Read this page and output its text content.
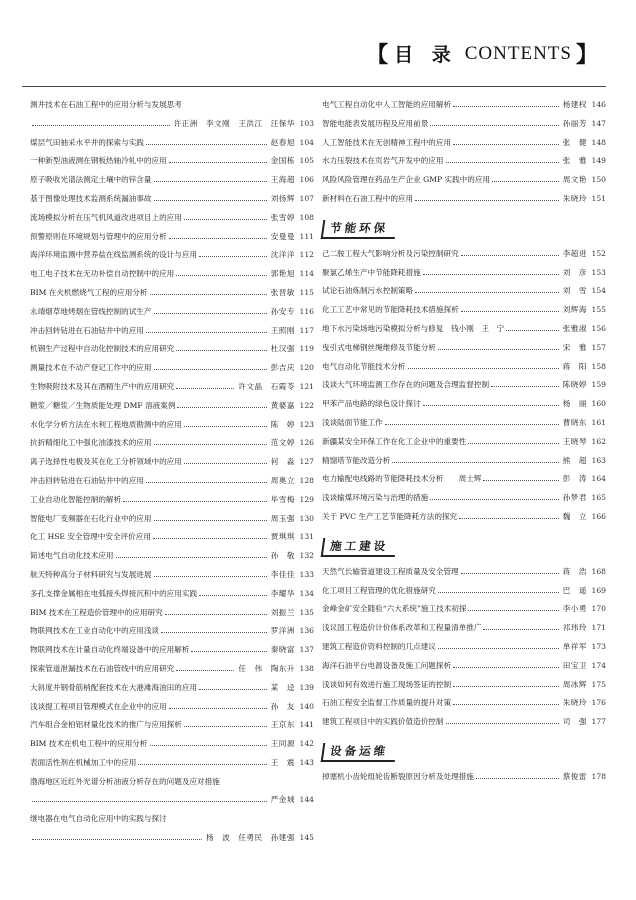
【 目 录 CONTENTS 】
测井技术在石油工程中的应用分析与发展思考
许正洲　李文刚　王洪江　汪保华 103
煤层气田抽采水平井的探索与实践	赵春旭 104
一种新型油液测在钢板热轴冷轧中的应用	金国栋 105
原子吸收光谱法测定土壤中的锌含量	王海超 106
基于图像处理技术监测系统漏油事故	刘扬辉 107
流场模拟分析在压气机风道改进项目上的应用	张雪婷 108
预警原则在环境规划与管理中的应用分析	安曼曼 111
海洋环境监测中营养盐在线监测系统的设计与应用	沈洋洋 112
电工电子技术在无功补偿自动控制中的应用	郭艳旭 114
BIM 在火机燃烧气工程的应用分析	张晋敏 115
永靖烟草地烤烟在管线控制的试生产	孙安专 116
冲击回转钻进在石油钻井中的应用	王照刚 117
机钢生产过程中自动化控制技术的应用研究	杜汉强 119
测量技术在不动产登记工作中的应用	彭吉庆 120
生物吸附技术及其在酒精生产中的应用研究	许文晶　石霞苓 121
糖浆／糖浆／生物质能处理 DMF 溶液案例	黄婆嘉 122
水化学分析方法在水利工程地质勘测中的应用	陈　婷 123
抗折精细化工中强化油漆技术的应用	范文婷 126
离子选择性电极及其在化工分析领域中的应用	何　淼 127
冲击回转钻进在石油钻井中的应用	周奥立 128
工业自动化智能控制的解析	毕雪梅 129
智能电厂变频器在石化行业中的应用	周玉强 130
化工 HSE 安全管理中安全评价应用	贾琪琪 131
简述电气自动化技术应用	孙　敬 132
航天特种高分子材料研究与发展进展	李佳佳 133
多孔支撑金属相在电弧接头焊接沉积中的应用实践	李耀华 134
BIM 技术在工程造价管理中的应用研究	刘振兰 135
物联网技术在工业自动化中的应用浅谈	罗洋洲 136
物联网技术在计量自动化终端设备中的应用解析	秦晓富 137
探索管道泄漏技术在石油管线中的应用研究	任　伟　陶东升 138
大斜度井钢骨筋梢配套技术在大港滩海油田的应用	某　迳 139
浅谈提工程项目管理模式在企业中的应用	孙　友 140
汽车组合金柏铝材量化技术的推广与应用探析	王京东 141
BIM 技术在机电工程中的应用分析	王同源 142
表面活性剂在机械加工中的应用	王　震 143
渤海地区近红外光谱分析油液分析存在的问题及应对措施
严金城 144
继电器在电气自动化应用中的实践与探讨
杨　波　任勇民　孙建强 145
电气工程自动化中人工智能的应用解析	杨建权 146
智能电能表发展历程及应用前景	孙丽芳 147
人工智能技术在无创精神工程中的应用	张　健 148
水力压裂技术在页岩气开发中的应用	张　雅 149
风险风险管理在药品生产企业 GMP 实践中的应用	周文艳 150
新材料在石油工程中的应用	朱晓玲 151
节能环保
己二胺工程大气影响分析及污染控制研究	李超进 152
聚氯乙烯生产中节能降耗措施	刘　彦 153
试论石油炼制污水控制策略	刘　雪 154
化工工艺中常见的节能降耗技术措施探析	刘辉海 155
地下水污染场地污染模拟分析与修复　钱小刚　王　宁	张雅淑 156
曳引式电梯钢丝绳维修及节能分析	宋　雅 157
电气自动化节能技术分析	蒋　阳 158
浅谈大气环境监测工作存在的问题及合理监督控制	陈晓婷 159
甲苯产品电路的绿色设计探讨	杨　丽 160
浅谈陆面节能工作	曹晓东 161
新疆某安全环保工作在化工企业中的重要性	王晓琴 162
精馏塔节能改造分析	熊　超 163
电力输配电线路的节能降耗技术分析　　周士辉	彭　涛 164
浅谈输煤环境污染与治理的措施	孙梦君 165
关于 PVC 生产工艺节能降耗方法的探究	魏　立 166
施工建设
天然气长输管道建设工程质量及安全管理	蒋　浩 168
化工项目工程管理的优化措施研究	巴　遥 169
金峰金矿安全随验“六大系统”施工技术初探	李小勇 170
浅议国工程造价计价体系改革和工程量清单推广	祁玮玲 171
建筑工程造价资料控制的几点建议	单祥军 173
海洋石油平台电源设备及施工问题探析	田宝卫 174
浅谈如何有效进行施工现场签证的控制	周冰辉 175
石油工程安全监督工作质量的提升对策	朱晓玲 176
建筑工程项目中的实践价值造价控制	司　强 177
设备运维
掉塞机小齿轮组轮齿断裂原因分析及处理措施	蔡俊雷 178
